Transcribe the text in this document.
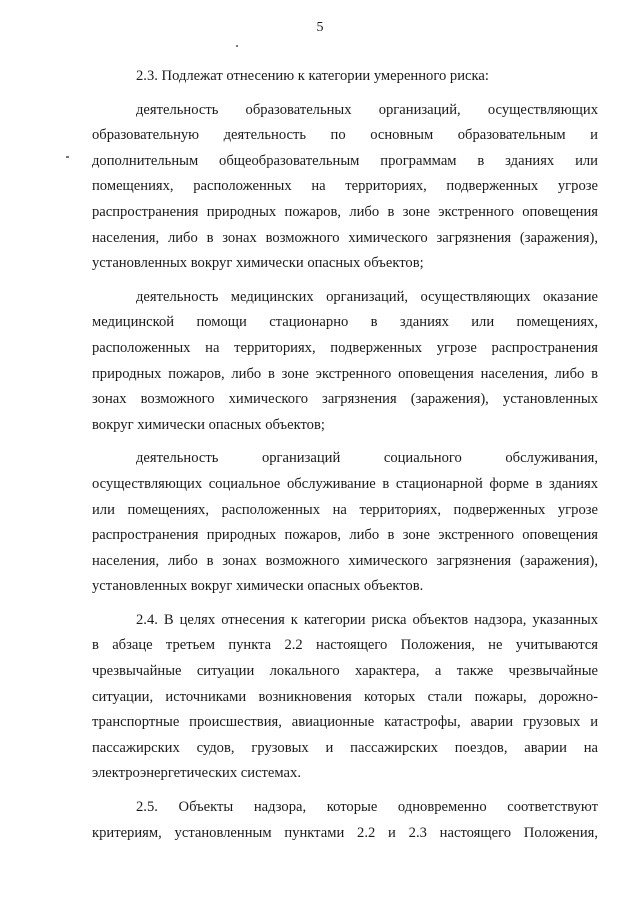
5
2.3. Подлежат отнесению к категории умеренного риска:
деятельность образовательных организаций, осуществляющих
образовательную деятельность по основным образовательным и
дополнительным общеобразовательным программам в зданиях или
помещениях, расположенных на территориях, подверженных угрозе
распространения природных пожаров, либо в зоне экстренного оповещения
населения, либо в зонах возможного химического загрязнения (заражения),
установленных вокруг химически опасных объектов;
деятельность медицинских организаций, осуществляющих оказание
медицинской помощи стационарно в зданиях или помещениях,
расположенных на территориях, подверженных угрозе распространения
природных пожаров, либо в зоне экстренного оповещения населения, либо в
зонах возможного химического загрязнения (заражения), установленных
вокруг химически опасных объектов;
деятельность организаций социального обслуживания,
осуществляющих социальное обслуживание в стационарной форме в зданиях
или помещениях, расположенных на территориях, подверженных угрозе
распространения природных пожаров, либо в зоне экстренного оповещения
населения, либо в зонах возможного химического загрязнения (заражения),
установленных вокруг химически опасных объектов.
2.4. В целях отнесения к категории риска объектов надзора, указанных
в абзаце третьем пункта 2.2 настоящего Положения, не учитываются
чрезвычайные ситуации локального характера, а также чрезвычайные
ситуации, источниками возникновения которых стали пожары, дорожно-
транспортные происшествия, авиационные катастрофы, аварии грузовых и
пассажирских судов, грузовых и пассажирских поездов, аварии на
электроэнергетических системах.
2.5. Объекты надзора, которые одновременно соответствуют
критериям, установленным пунктами 2.2 и 2.3 настоящего Положения,
